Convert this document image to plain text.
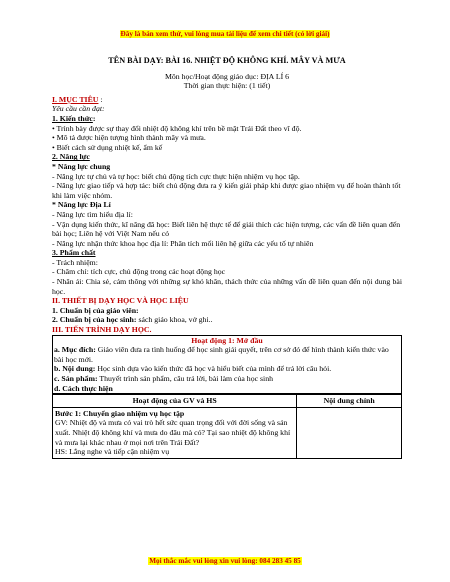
Đây là bản xem thử, vui lòng mua tài liệu để xem chi tiết (có lời giải)
TÊN BÀI DẠY: BÀI 16. NHIỆT ĐỘ KHÔNG KHÍ. MÂY VÀ MƯA
Môn học/Hoạt động giáo dục: ĐỊA LÍ 6
Thời gian thực hiện: (1 tiết)
I. MỤC TIÊU :
Yêu cầu cần đạt:
1. Kiến thức:
• Trình bày được sự thay đổi nhiệt độ không khí trên bề mặt Trái Đất theo vĩ độ.
• Mô tả được hiện tượng hình thành mây và mưa.
• Biết cách sử dụng nhiệt kế, ẩm kế
2. Năng lực
* Năng lực chung
- Năng lực tự chủ và tự học: biết chủ động tích cực thực hiện nhiệm vụ học tập.
- Năng lực giao tiếp và hợp tác: biết chủ động đưa ra ý kiến giải pháp khi được giao nhiệm vụ để hoàn thành tốt khi làm việc nhóm.
* Năng lực Địa Lí
- Năng lực tìm hiểu địa lí:
- Vận dụng kiến thức, kĩ năng đã học: Biết liên hệ thực tế để giải thích các hiện tượng, các vấn đề liên quan đến bài học; Liên hệ với Việt Nam nếu có
- Năng lực nhận thức khoa học địa lí: Phân tích mối liên hệ giữa các yếu tố tự nhiên
3. Phẩm chất
- Trách nhiệm:
- Chăm chỉ: tích cực, chủ động trong các hoạt động học
- Nhân ái: Chia sẻ, cảm thông với những sự khó khăn, thách thức của những vấn đề liên quan đến nội dung bài học.
II. THIẾT BỊ DẠY HỌC VÀ HỌC LIỆU
1. Chuẩn bị của giáo viên:
2. Chuẩn bị của học sinh: sách giáo khoa, vở ghi..
III. TIẾN TRÌNH DẠY HỌC.
Hoạt động 1: Mở đầu
a. Mục đích: Giáo viên đưa ra tình huống để học sinh giải quyết, trên cơ sở đó để hình thành kiến thức vào bài học mới.
b. Nội dung: Học sinh dựa vào kiến thức đã học và hiểu biết của mình để trả lời câu hỏi.
c. Sản phẩm: Thuyết trình sản phẩm, câu trả lời, bài làm của học sinh
d. Cách thực hiện
Hoạt động của GV và HS	Nội dung chính

Bước 1: Chuyển giao nhiệm vụ học tập
GV: Nhiệt độ và mưa có vai trò hết sức quan trọng đối với đời sống và sản xuất. Nhiệt độ không khí và mưa do đâu mà có? Tại sao nhiệt độ không khí và mưa lại khác nhau ở mọi nơi trên Trái Đất?
HS: Lắng nghe và tiếp cận nhiệm vụ	

Mọi thắc mắc vui lòng xin vui lòng: 084 283 45 85
